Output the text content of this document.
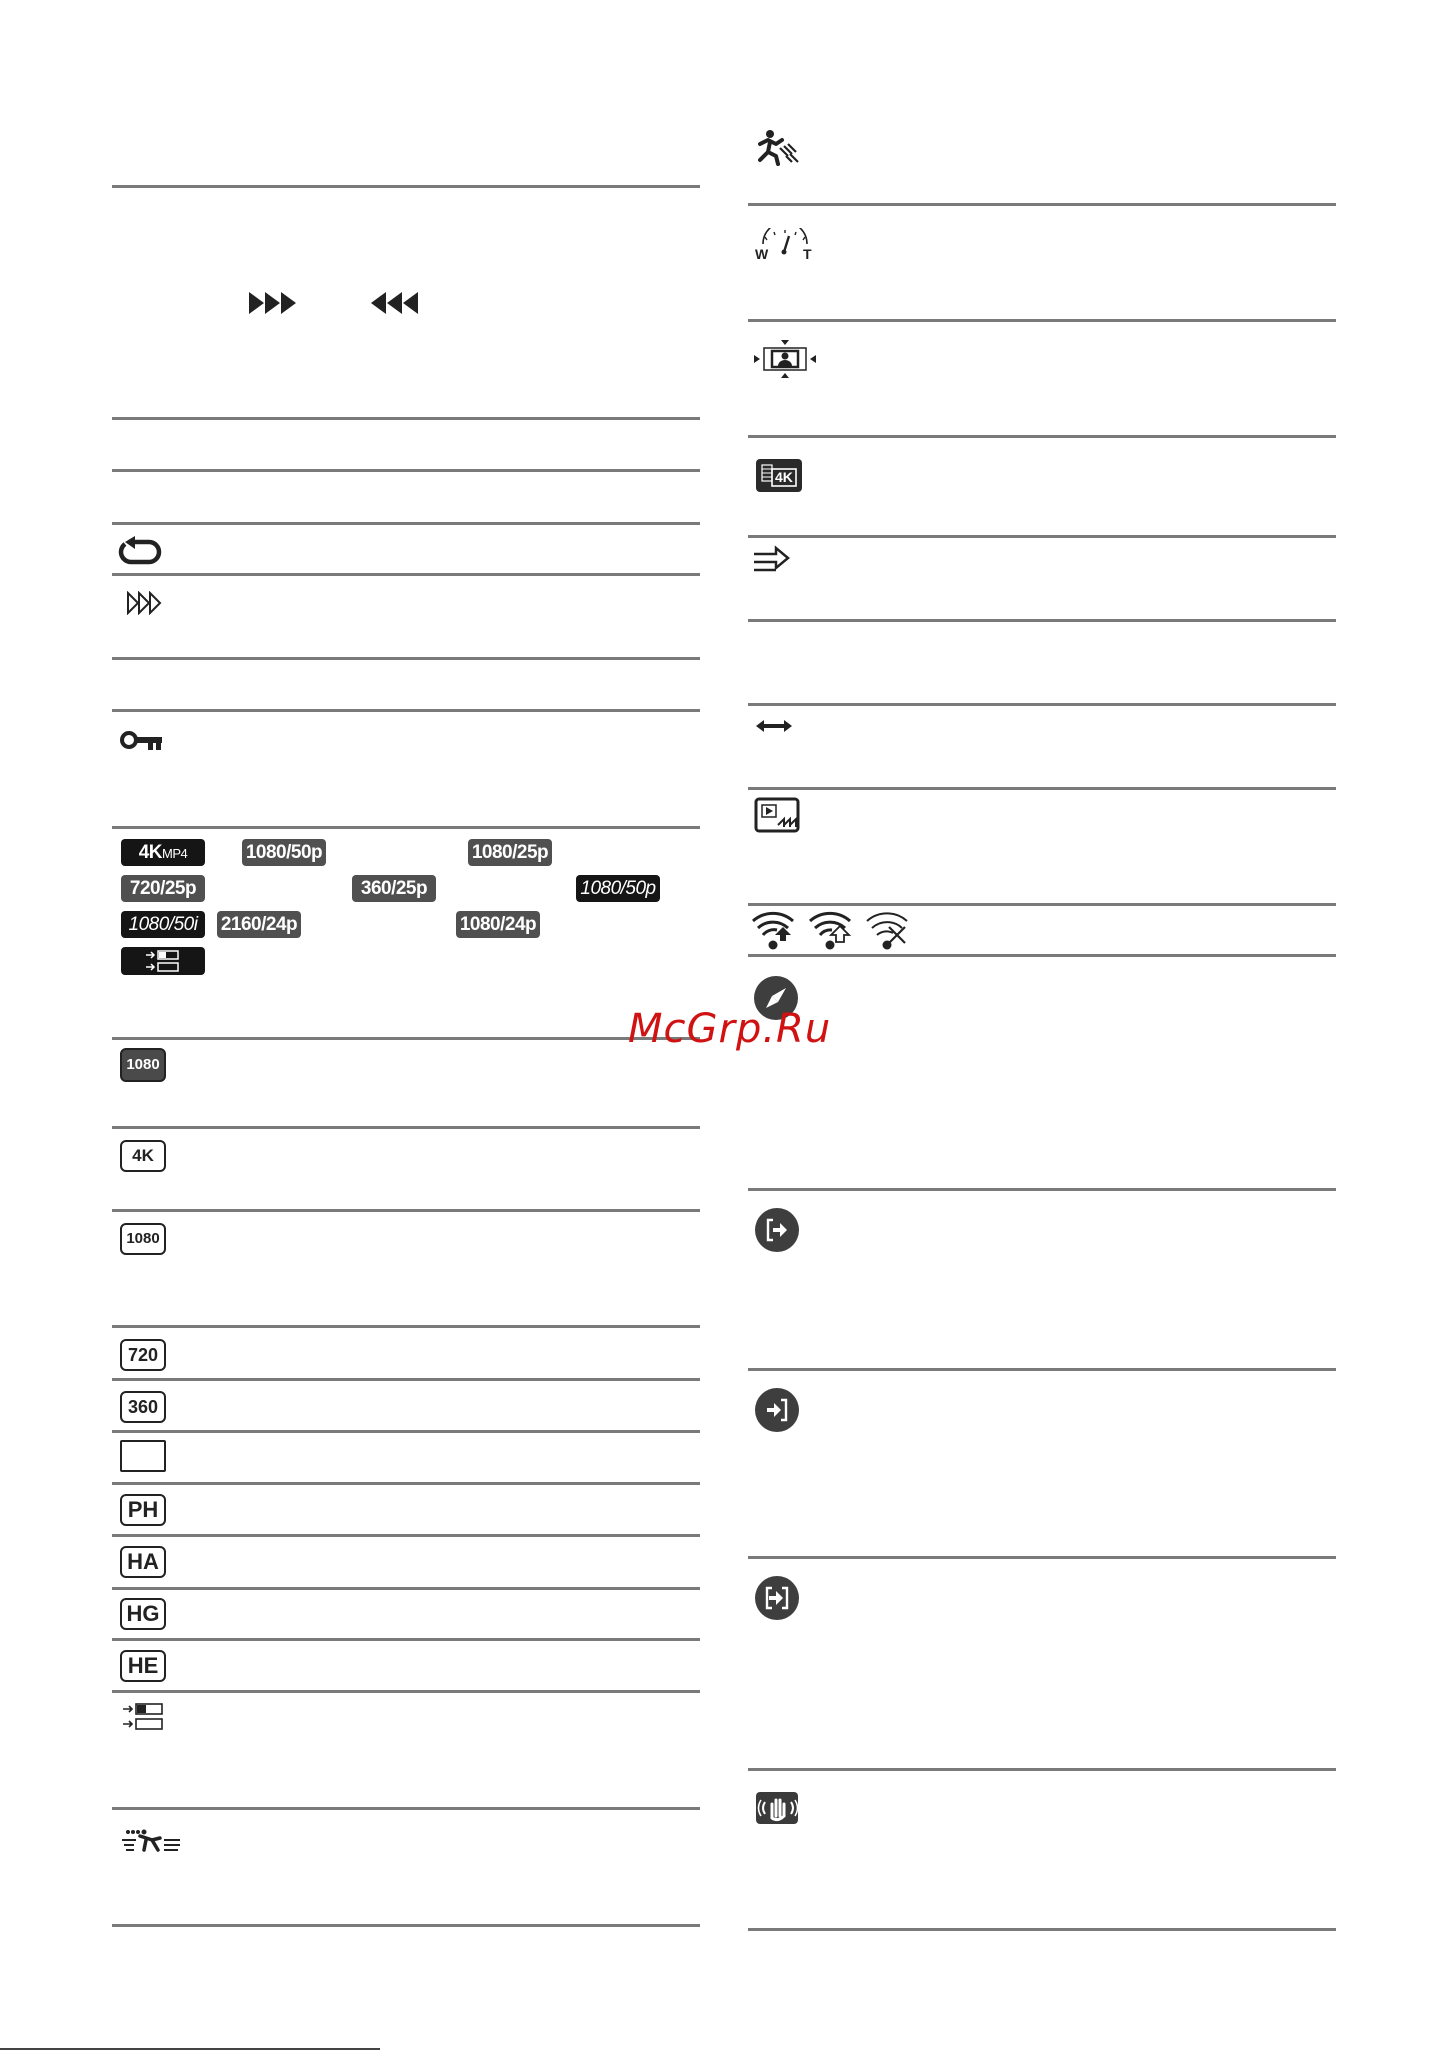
4KMP4	1080/50p	1080/25p
720/25p	360/25p	1080/50p
1080/50i	2160/24p	1080/24p
1080
4K
1080
720
360
PH
HA
HG
HE
W T
4K
McGrp.Ru
